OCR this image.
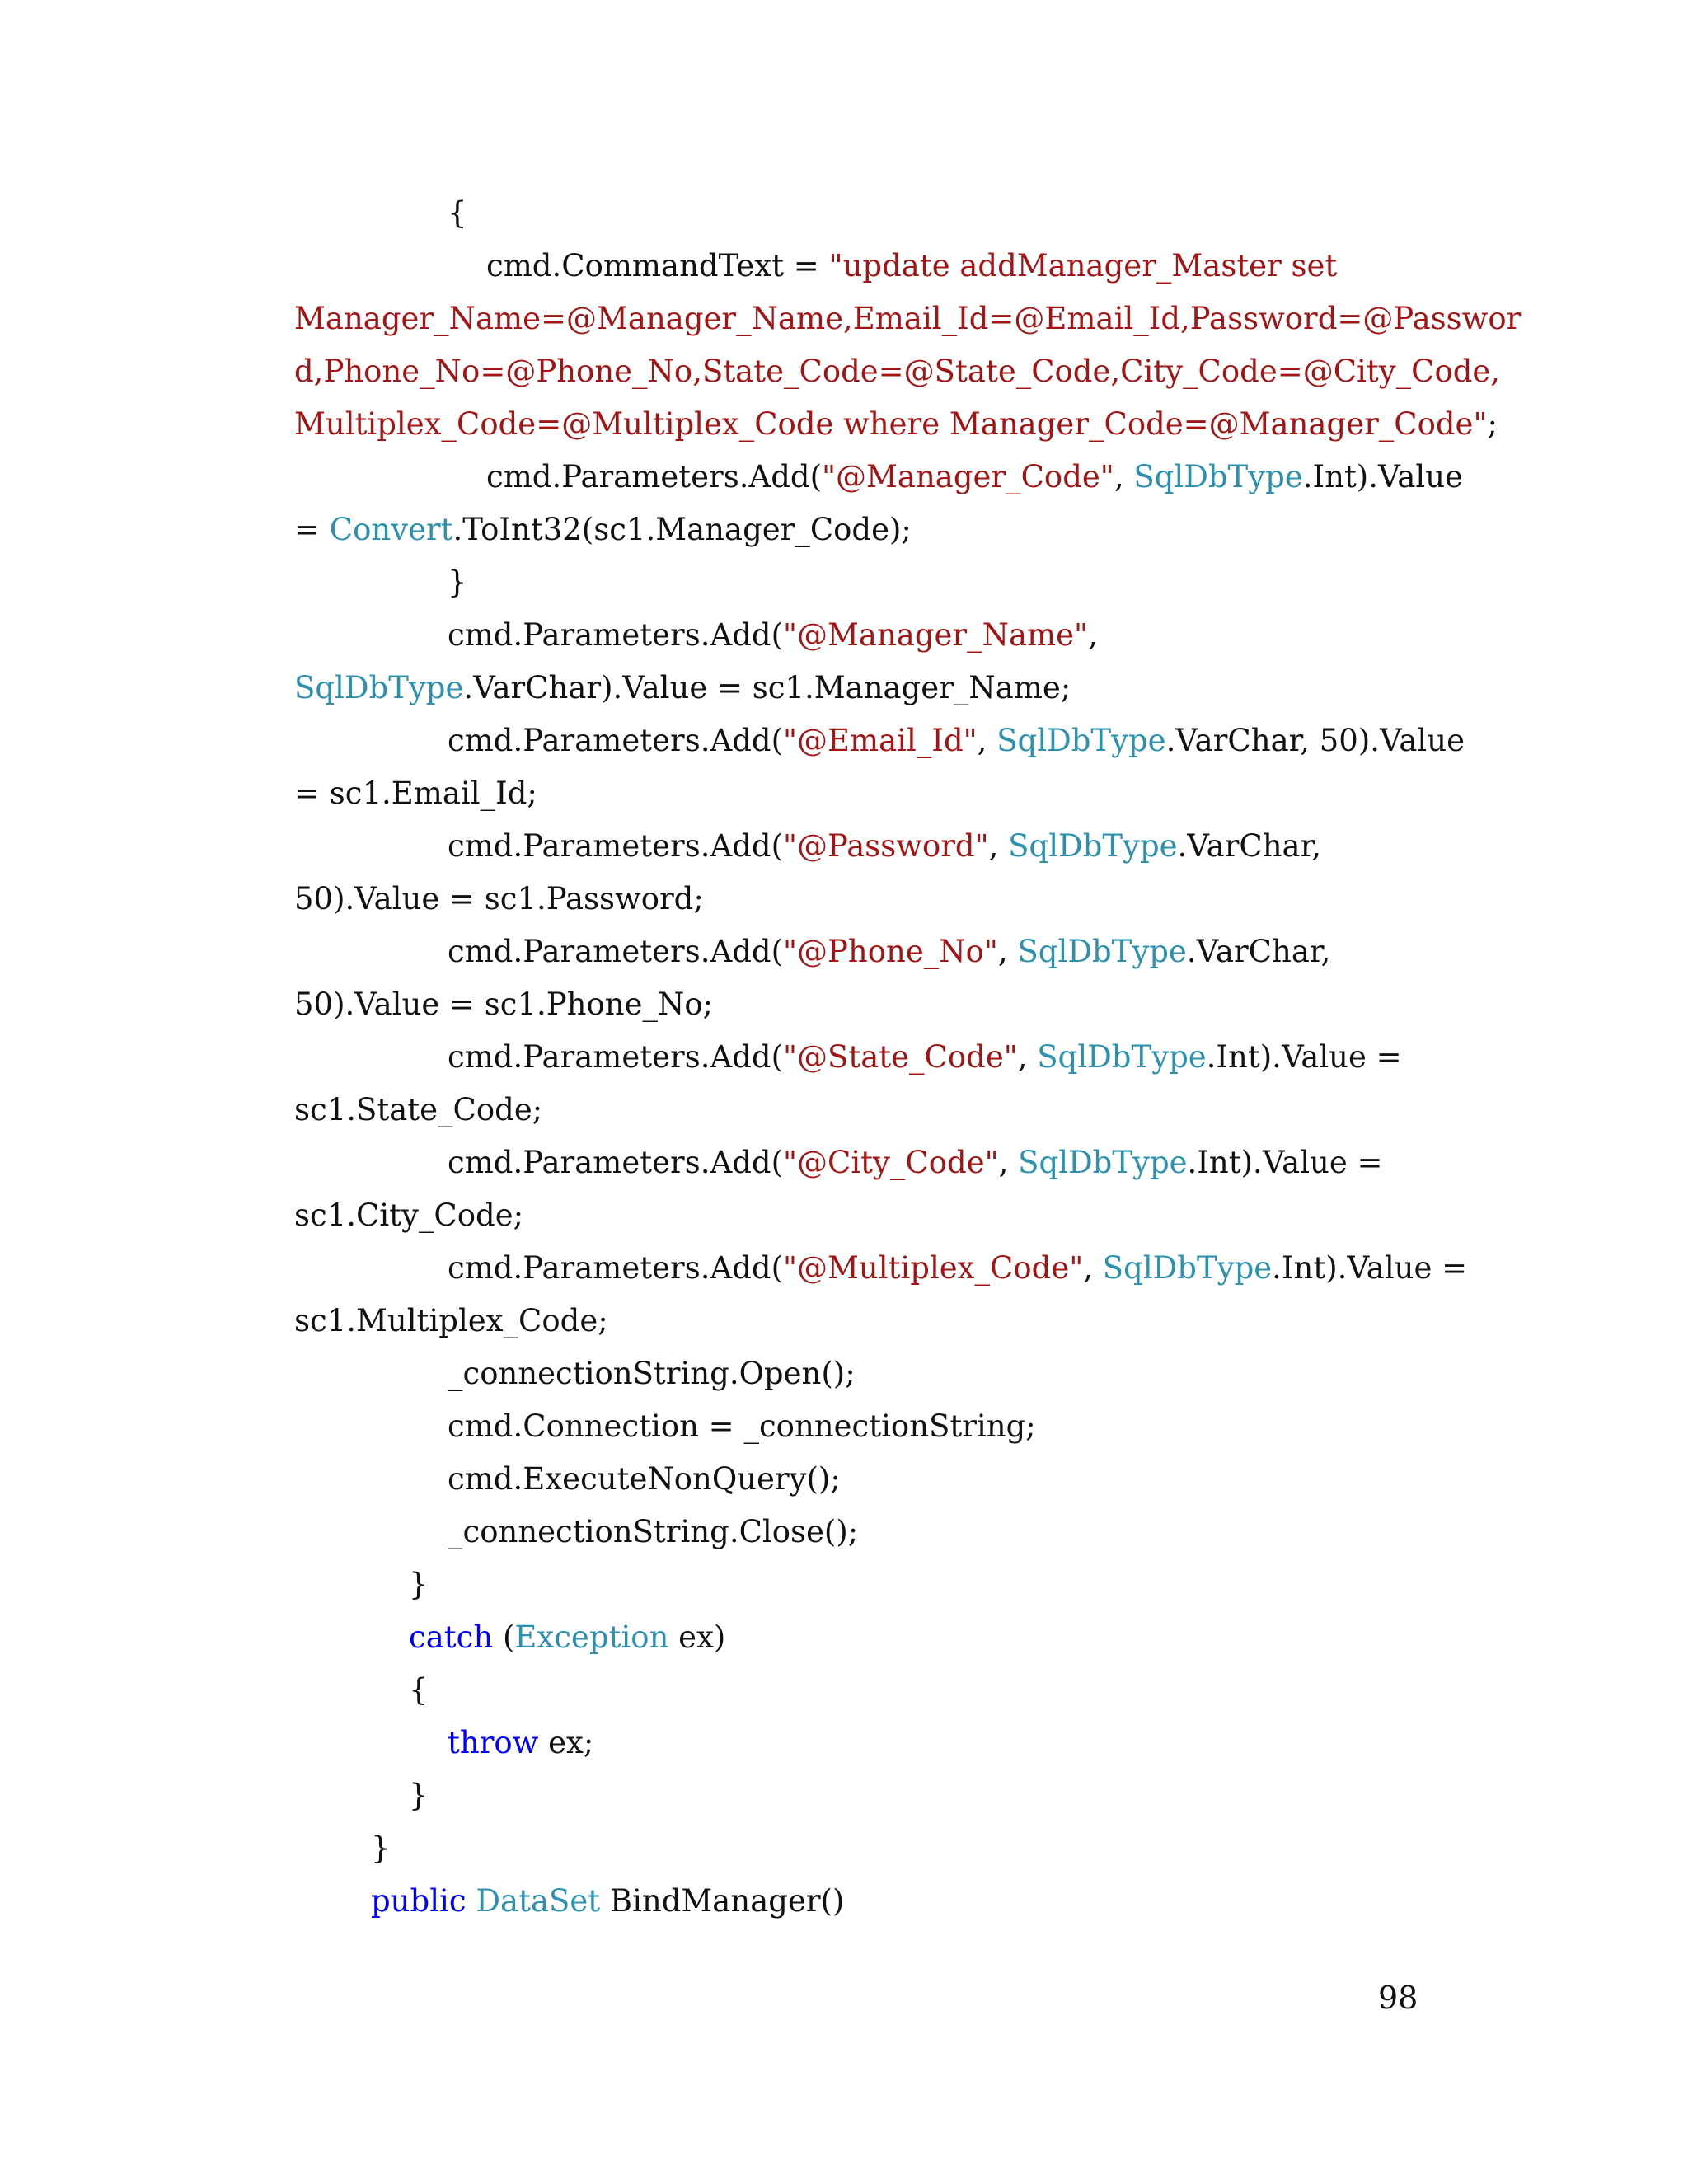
{
cmd.CommandText = "update addManager_Master set
Manager_Name=@Manager_Name,Email_Id=@Email_Id,Password=@Passwor
d,Phone_No=@Phone_No,State_Code=@State_Code,City_Code=@City_Code,
Multiplex_Code=@Multiplex_Code where Manager_Code=@Manager_Code";
cmd.Parameters.Add("@Manager_Code", SqlDbType.Int).Value
= Convert.ToInt32(sc1.Manager_Code);
}
cmd.Parameters.Add("@Manager_Name",
SqlDbType.VarChar).Value = sc1.Manager_Name;
cmd.Parameters.Add("@Email_Id", SqlDbType.VarChar, 50).Value
= sc1.Email_Id;
cmd.Parameters.Add("@Password", SqlDbType.VarChar,
50).Value = sc1.Password;
cmd.Parameters.Add("@Phone_No", SqlDbType.VarChar,
50).Value = sc1.Phone_No;
cmd.Parameters.Add("@State_Code", SqlDbType.Int).Value =
sc1.State_Code;
cmd.Parameters.Add("@City_Code", SqlDbType.Int).Value =
sc1.City_Code;
cmd.Parameters.Add("@Multiplex_Code", SqlDbType.Int).Value =
sc1.Multiplex_Code;
_connectionString.Open();
cmd.Connection = _connectionString;
cmd.ExecuteNonQuery();
_connectionString.Close();
}
catch (Exception ex)
{
throw ex;
}
}
public DataSet BindManager()
98
